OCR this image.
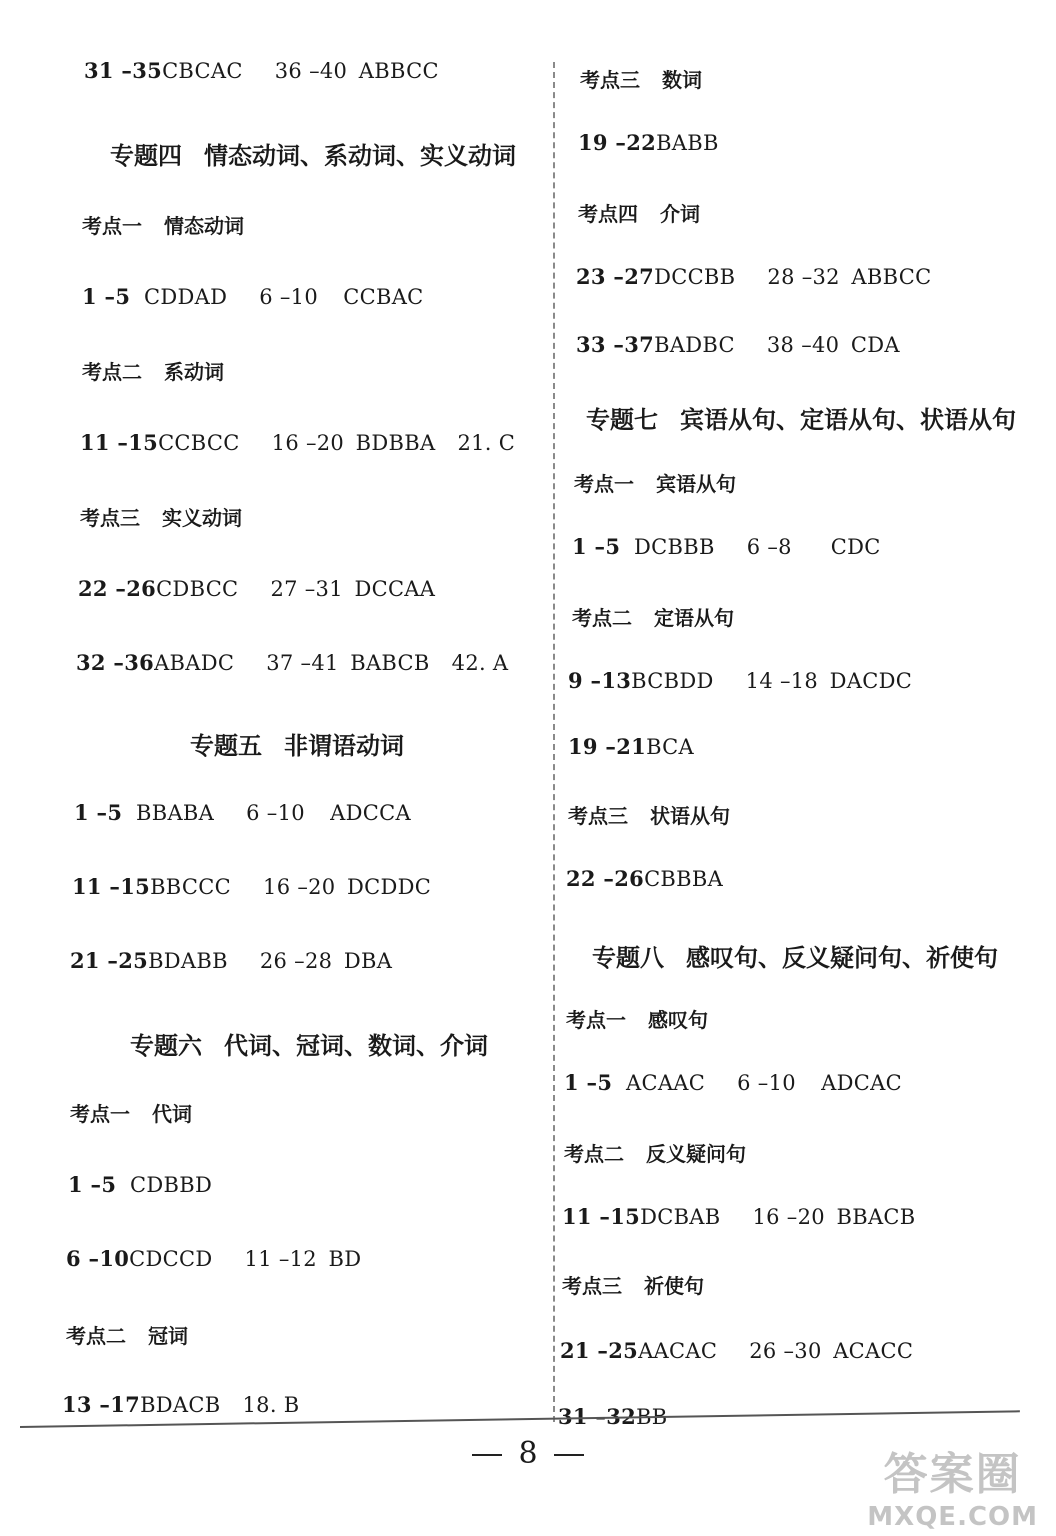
31 –35CBCAC 36 –40 ABBCC
专题四 情态动词、系动词、实义动词
考点一 情态动词
1 –5 CDDAD 6 –10 CCBAC
考点二 系动词
11 –15CCBCC 16 –20 BDBBA 21. C
考点三 实义动词
22 –26CDBCC 27 –31 DCCAA
32 –36ABADC 37 –41 BABCB 42. A
专题五 非谓语动词
1 –5 BBABA 6 –10 ADCCA
11 –15BBCCC 16 –20 DCDDC
21 –25BDABB 26 –28 DBA
专题六 代词、冠词、数词、介词
考点一 代词
1 –5 CDBBD
6 –10CDCCD 11 –12 BD
考点二 冠词
13 –17BDACB 18. B
考点三 数词
19 –22BABB
考点四 介词
23 –27DCCBB 28 –32 ABBCC
33 –37BADBC 38 –40 CDA
专题七 宾语从句、定语从句、状语从句
考点一 宾语从句
1 –5 DCBBB 6 –8 CDC
考点二 定语从句
9 –13BCBDD 14 –18 DACDC
19 –21BCA
考点三 状语从句
22 –26CBBBA
专题八 感叹句、反义疑问句、祈使句
考点一 感叹句
1 –5 ACAAC 6 –10 ADCAC
考点二 反义疑问句
11 –15DCBAB 16 –20 BBACB
考点三 祈使句
21 –25AACAC 26 –30 ACACC
31 –32BB
8	答案圈
MXQE.COM
